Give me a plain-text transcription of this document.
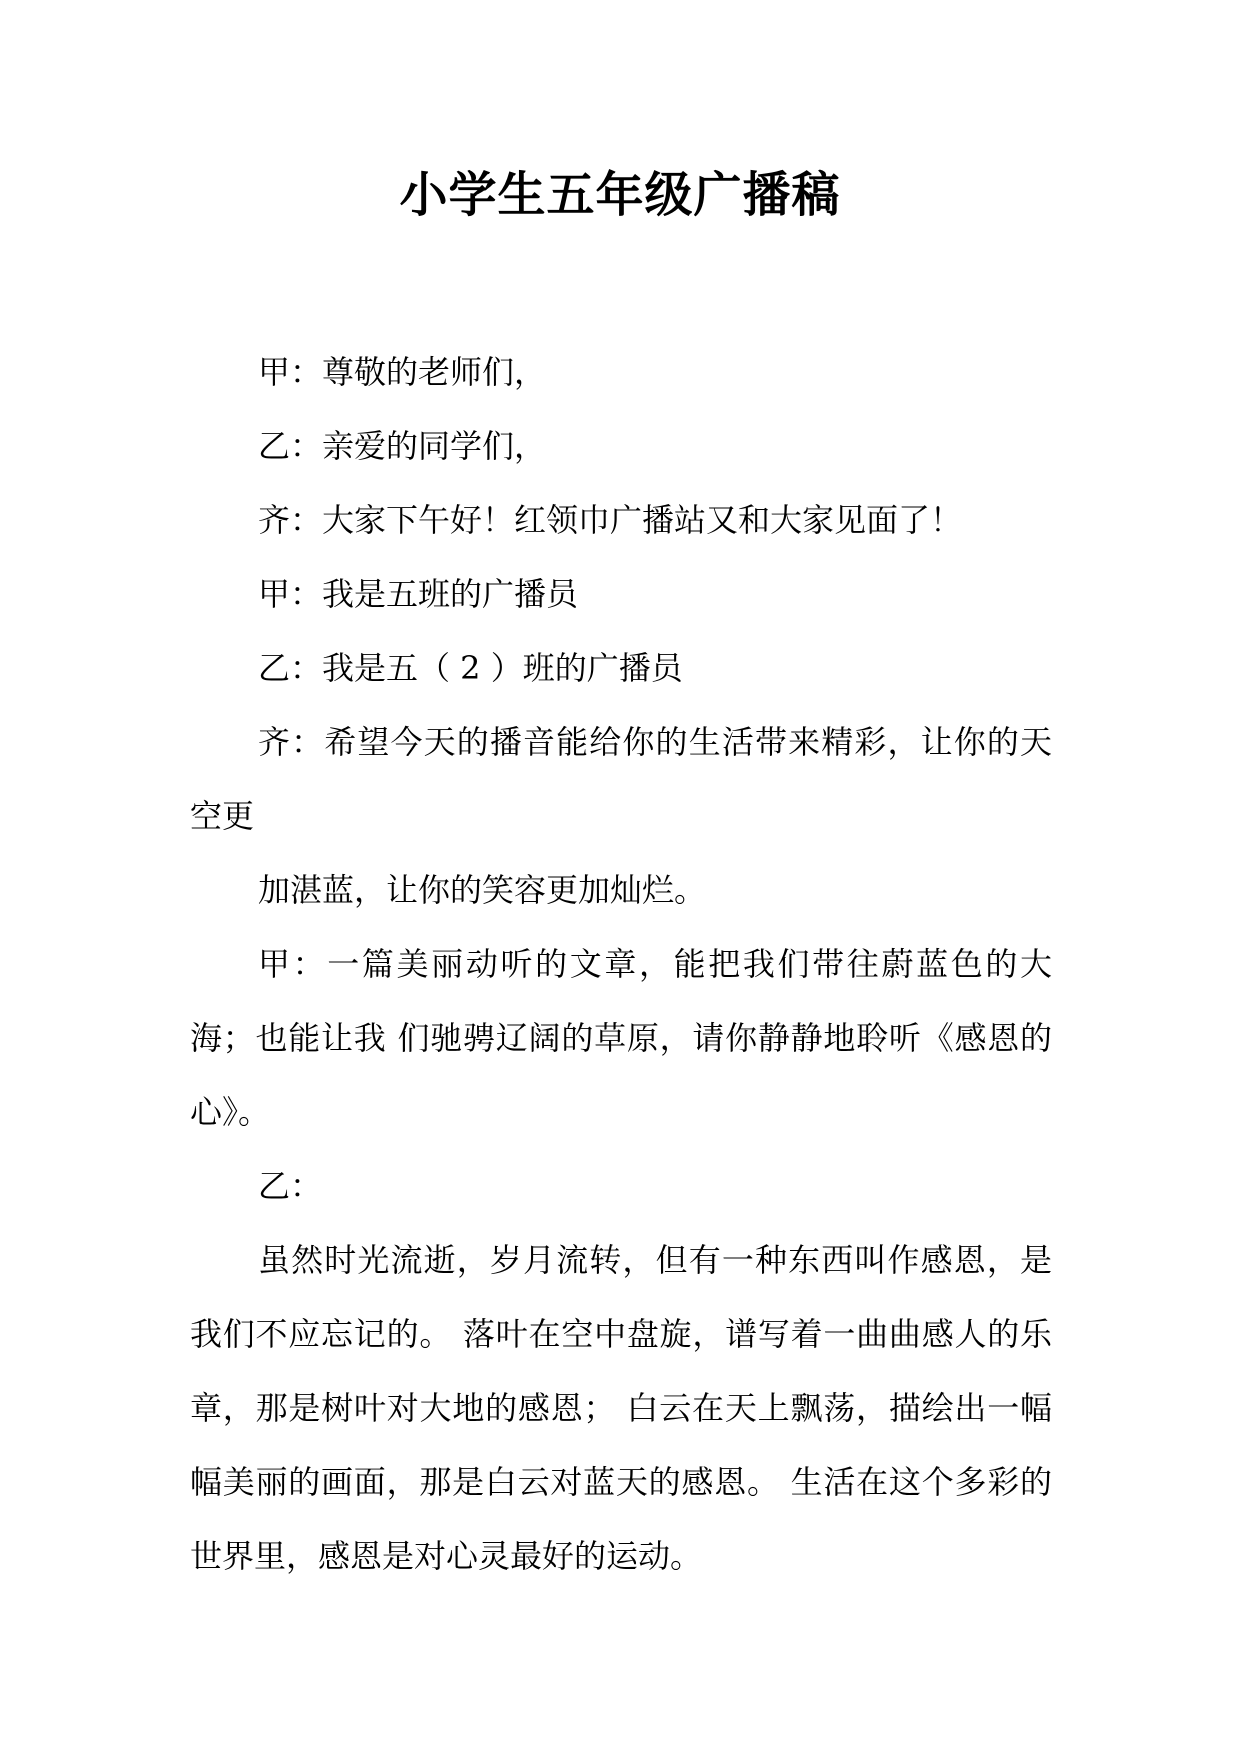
小学生五年级广播稿

甲：尊敬的老师们，

乙：亲爱的同学们，

齐：大家下午好！红领巾广播站又和大家见面了！

甲：我是五班的广播员

乙：我是五（ 2 ）班的广播员

齐：希望今天的播音能给你的生活带来精彩，让你的天空更

加湛蓝，让你的笑容更加灿烂。

甲：一篇美丽动听的文章，能把我们带往蔚蓝色的大海；也能让我 们驰骋辽阔的草原，请你静静地聆听《感恩的心》。

乙：

虽然时光流逝，岁月流转，但有一种东西叫作感恩，是我们不应忘记的。 落叶在空中盘旋，谱写着一曲曲感人的乐章，那是树叶对大地的感恩； 白云在天上飘荡，描绘出一幅幅美丽的画面，那是白云对蓝天的感恩。 生活在这个多彩的世界里，感恩是对心灵最好的运动。
